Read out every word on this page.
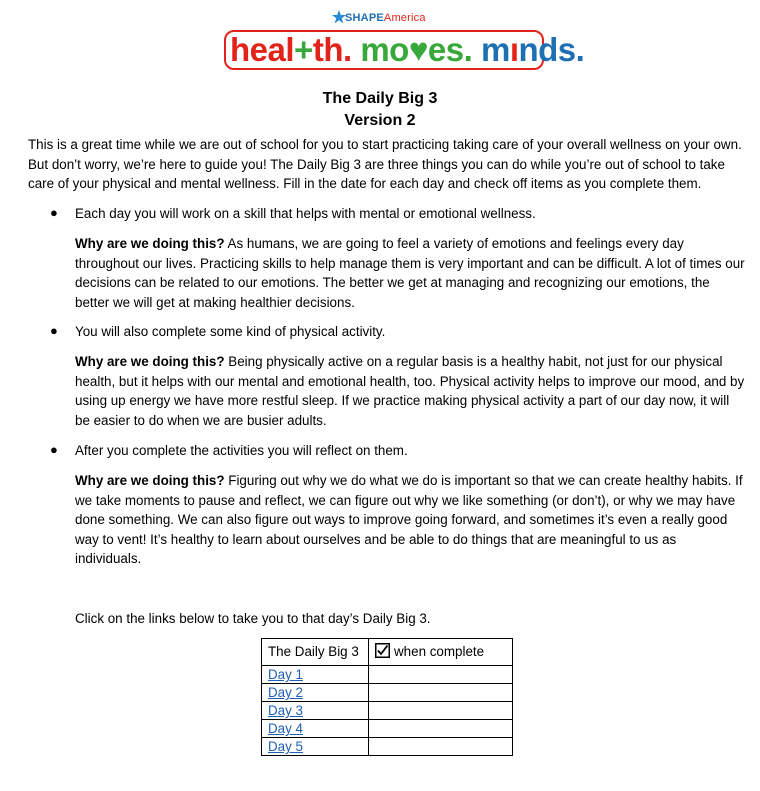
SHAPEAmerica
heal+th. mo♥es. mınds.
The Daily Big 3
Version 2
This is a great time while we are out of school for you to start practicing taking care of your overall wellness on your own. But don’t worry, we’re here to guide you! The Daily Big 3 are three things you can do while you’re out of school to take care of your physical and mental wellness. Fill in the date for each day and check off items as you complete them.
● Each day you will work on a skill that helps with mental or emotional wellness.
Why are we doing this? As humans, we are going to feel a variety of emotions and feelings every day throughout our lives. Practicing skills to help manage them is very important and can be difficult. A lot of times our decisions can be related to our emotions. The better we get at managing and recognizing our emotions, the better we will get at making healthier decisions.
● You will also complete some kind of physical activity.
Why are we doing this? Being physically active on a regular basis is a healthy habit, not just for our physical health, but it helps with our mental and emotional health, too. Physical activity helps to improve our mood, and by using up energy we have more restful sleep. If we practice making physical activity a part of our day now, it will be easier to do when we are busier adults.
● After you complete the activities you will reflect on them.
Why are we doing this? Figuring out why we do what we do is important so that we can create healthy habits. If we take moments to pause and reflect, we can figure out why we like something (or don’t), or why we may have done something. We can also figure out ways to improve going forward, and sometimes it’s even a really good way to vent! It’s healthy to learn about ourselves and be able to do things that are meaningful to us as individuals.
Click on the links below to take you to that day’s Daily Big 3.
The Daily Big 3	when complete
Day 1	
Day 2	
Day 3	
Day 4	
Day 5	
